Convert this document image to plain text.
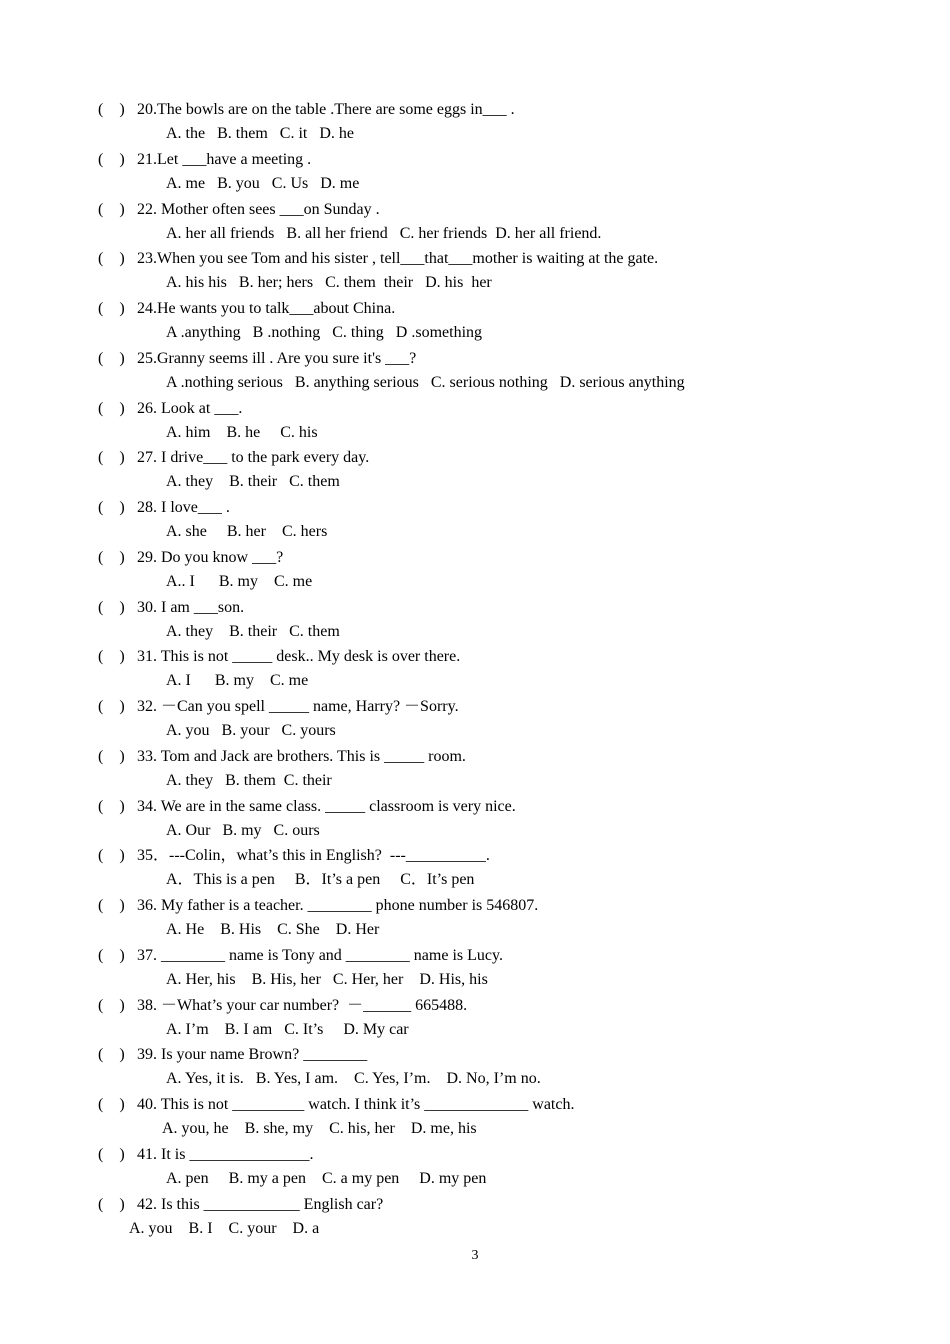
(    ) 20.The bowls are on the table .There are some eggs in___ .
A. the   B. them   C. it   D. he
(    ) 21.Let ___have a meeting .
A. me   B. you   C. Us   D. me
(    ) 22. Mother often sees ___on Sunday .
A. her all friends   B. all her friend   C. her friends  D. her all friend.
(    ) 23.When you see Tom and his sister , tell___that___mother is waiting at the gate.
A. his his   B. her; hers   C. them  their   D. his  her
(    ) 24.He wants you to talk___about China.
A .anything   B .nothing   C. thing   D .something
(    ) 25.Granny seems ill . Are you sure it's ___?
A .nothing serious   B. anything serious   C. serious nothing   D. serious anything
(    ) 26. Look at ___.
A. him    B. he     C. his
(    ) 27. I drive___ to the park every day.
A. they    B. their   C. them
(    ) 28. I love___ .
A. she     B. her    C. hers
(    ) 29. Do you know ___?
A.. I      B. my    C. me
(    ) 30. I am ___son.
A. they    B. their   C. them
(    ) 31. This is not _____ desk.. My desk is over there.
A. I      B. my    C. me
(    ) 32. －Can you spell _____ name, Harry? －Sorry.
A. you   B. your   C. yours
(    ) 33. Tom and Jack are brothers. This is _____ room.
A. they   B. them  C. their
(    ) 34. We are in the same class. _____ classroom is very nice.
A. Our   B. my   C. ours
(    ) 35．---Colin，what’s this in English?  ---__________.
A．This is a pen     B．It’s a pen     C．It’s pen
(    ) 36. My father is a teacher. ________ phone number is 546807.
A. He    B. His    C. She    D. Her
(    ) 37. ________ name is Tony and ________ name is Lucy.
A. Her, his    B. His, her   C. Her, her    D. His, his
(    ) 38. －What’s your car number?  －______ 665488.
A. I’m    B. I am   C. It’s     D. My car
(    ) 39. Is your name Brown? ________
A. Yes, it is.   B. Yes, I am.    C. Yes, I’m.    D. No, I’m no.
(    ) 40. This is not _________ watch. I think it’s _____________ watch.
A. you, he    B. she, my    C. his, her    D. me, his
(    ) 41. It is _______________.
A. pen     B. my a pen    C. a my pen     D. my pen
(    ) 42. Is this ____________ English car?
A. you    B. I    C. your    D. a
3
